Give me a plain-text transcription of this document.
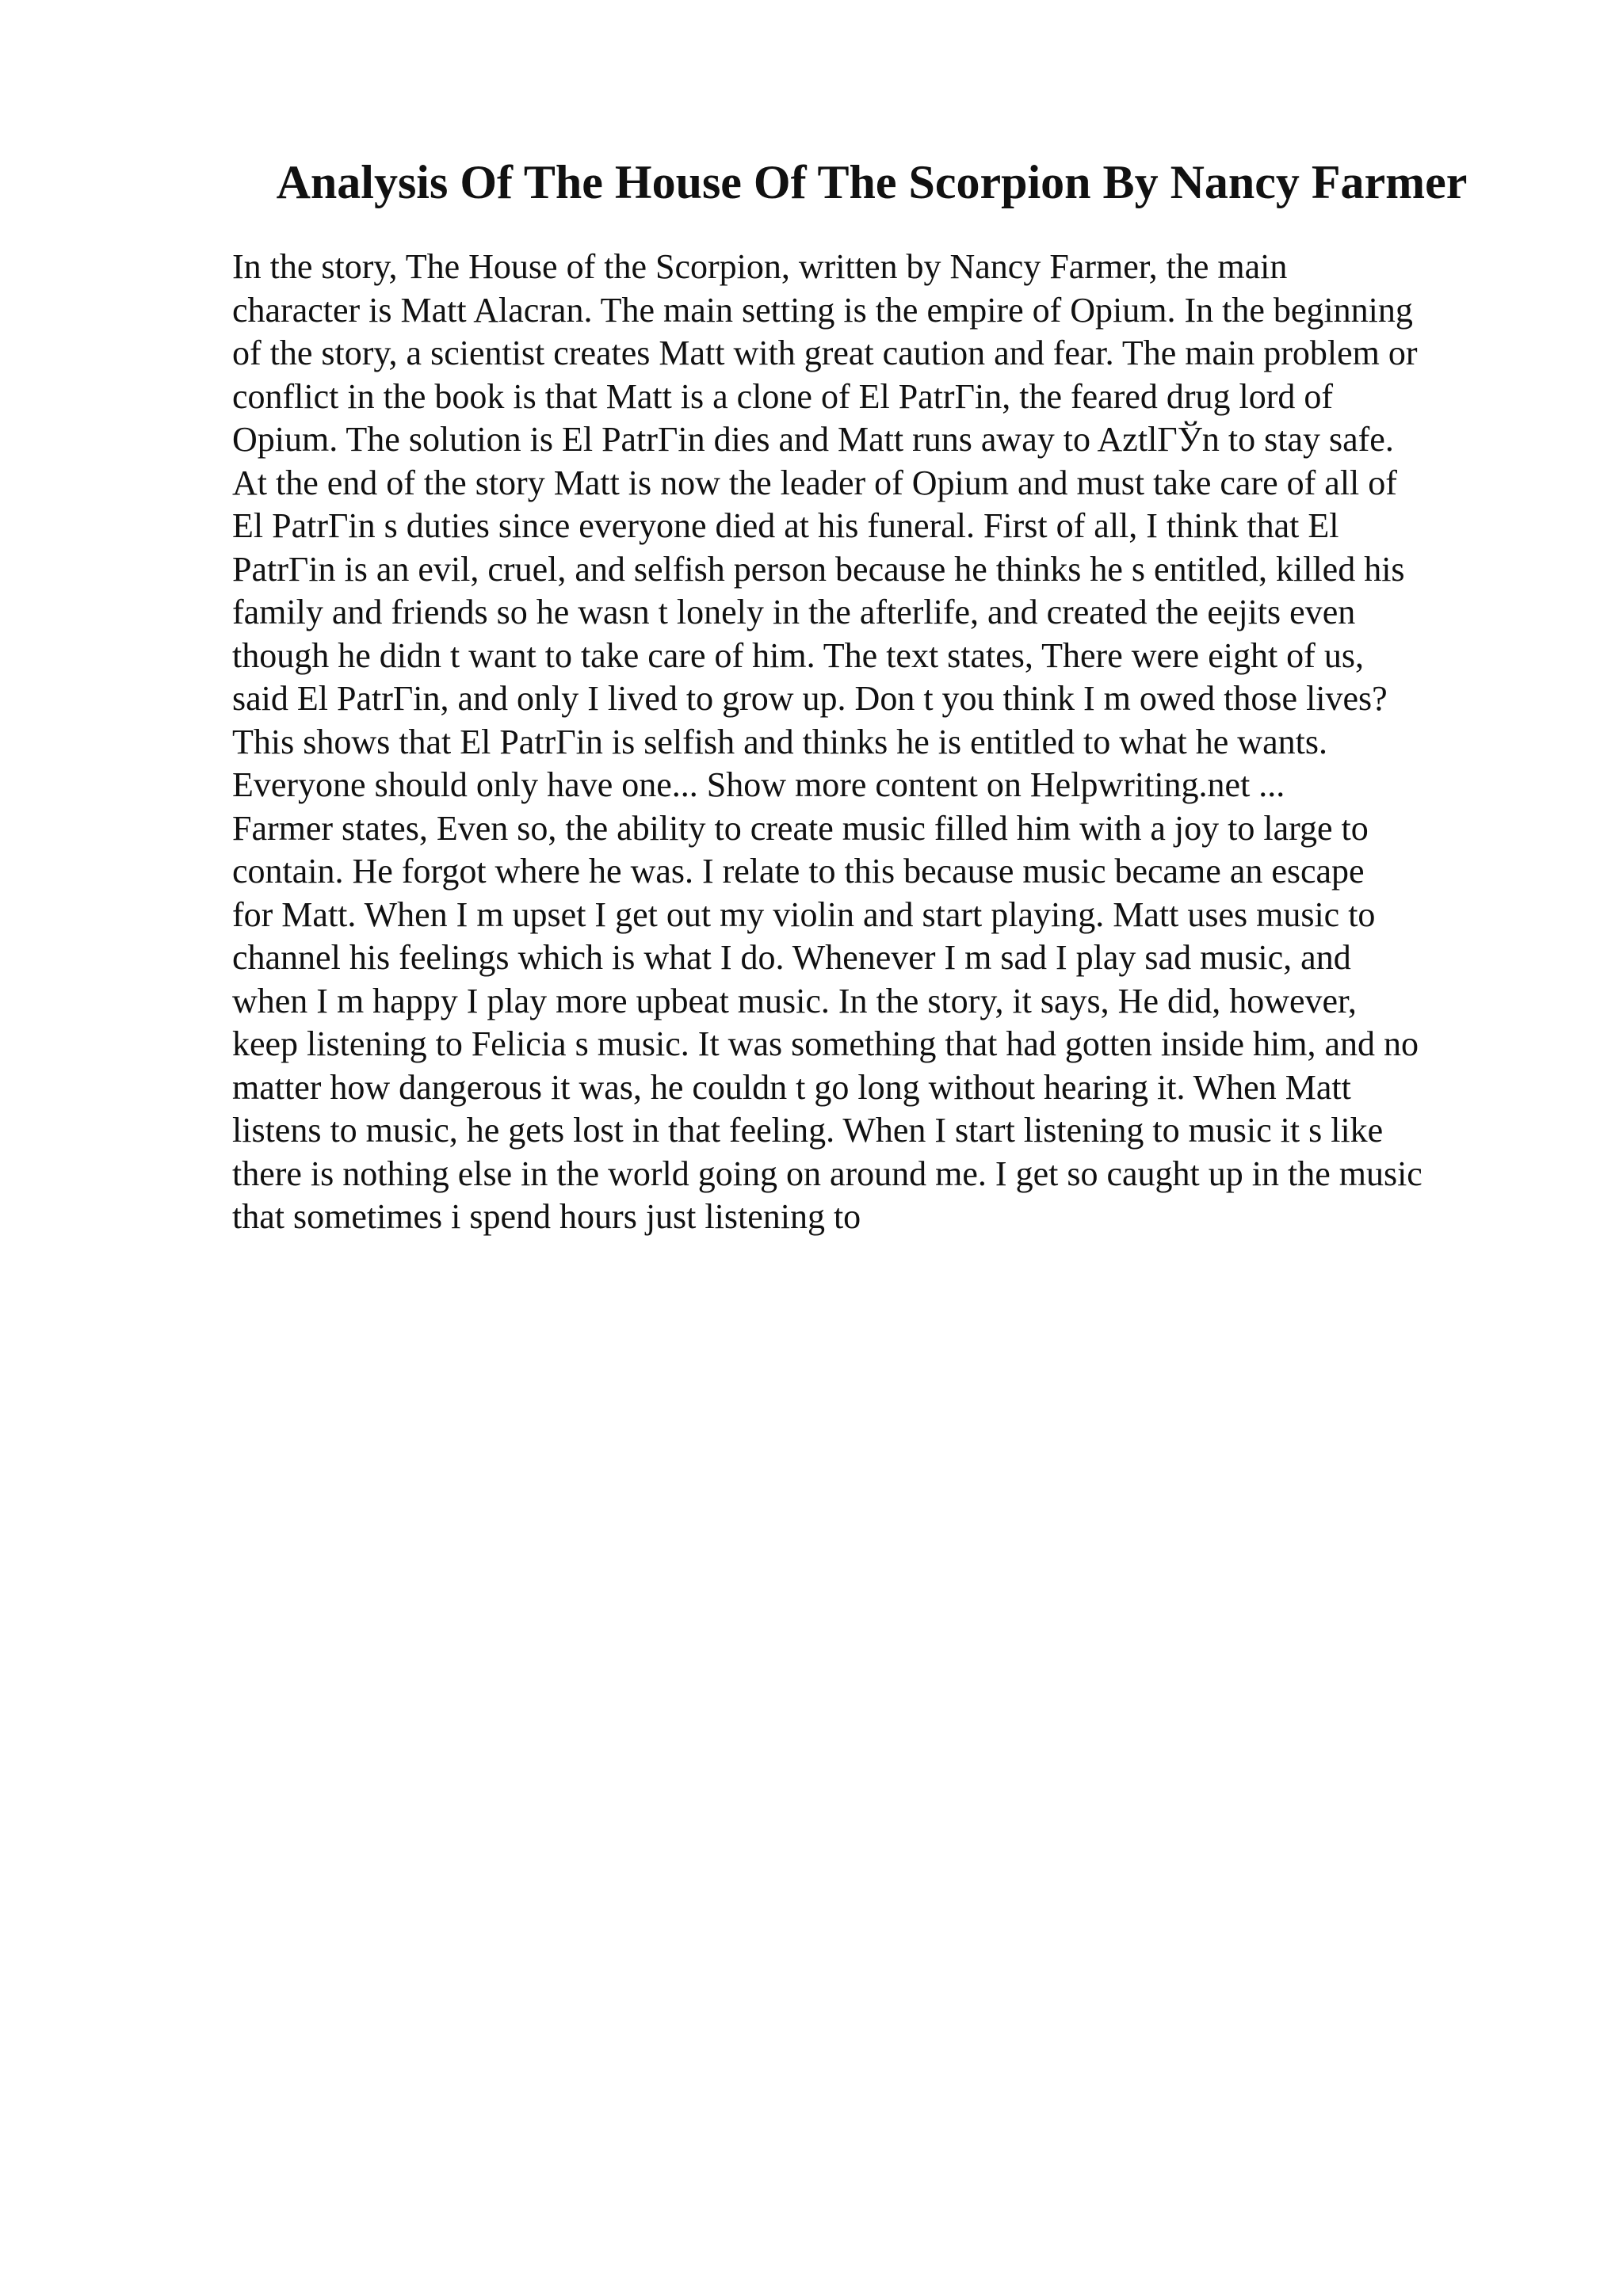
Analysis Of The House Of The Scorpion By Nancy Farmer
In the story, The House of the Scorpion, written by Nancy Farmer, the main
character is Matt Alacran. The main setting is the empire of Opium. In the beginning
of the story, a scientist creates Matt with great caution and fear. The main problem or
conflict in the book is that Matt is a clone of El PatrΓin, the feared drug lord of
Opium. The solution is El PatrΓin dies and Matt runs away to AztlΓЎn to stay safe.
At the end of the story Matt is now the leader of Opium and must take care of all of
El PatrΓin s duties since everyone died at his funeral. First of all, I think that El
PatrΓin is an evil, cruel, and selfish person because he thinks he s entitled, killed his
family and friends so he wasn t lonely in the afterlife, and created the eejits even
though he didn t want to take care of him. The text states, There were eight of us,
said El PatrΓin, and only I lived to grow up. Don t you think I m owed those lives?
This shows that El PatrΓin is selfish and thinks he is entitled to what he wants.
Everyone should only have one... Show more content on Helpwriting.net ...
Farmer states, Even so, the ability to create music filled him with a joy to large to
contain. He forgot where he was. I relate to this because music became an escape
for Matt. When I m upset I get out my violin and start playing. Matt uses music to
channel his feelings which is what I do. Whenever I m sad I play sad music, and
when I m happy I play more upbeat music. In the story, it says, He did, however,
keep listening to Felicia s music. It was something that had gotten inside him, and no
matter how dangerous it was, he couldn t go long without hearing it. When Matt
listens to music, he gets lost in that feeling. When I start listening to music it s like
there is nothing else in the world going on around me. I get so caught up in the music
that sometimes i spend hours just listening to
